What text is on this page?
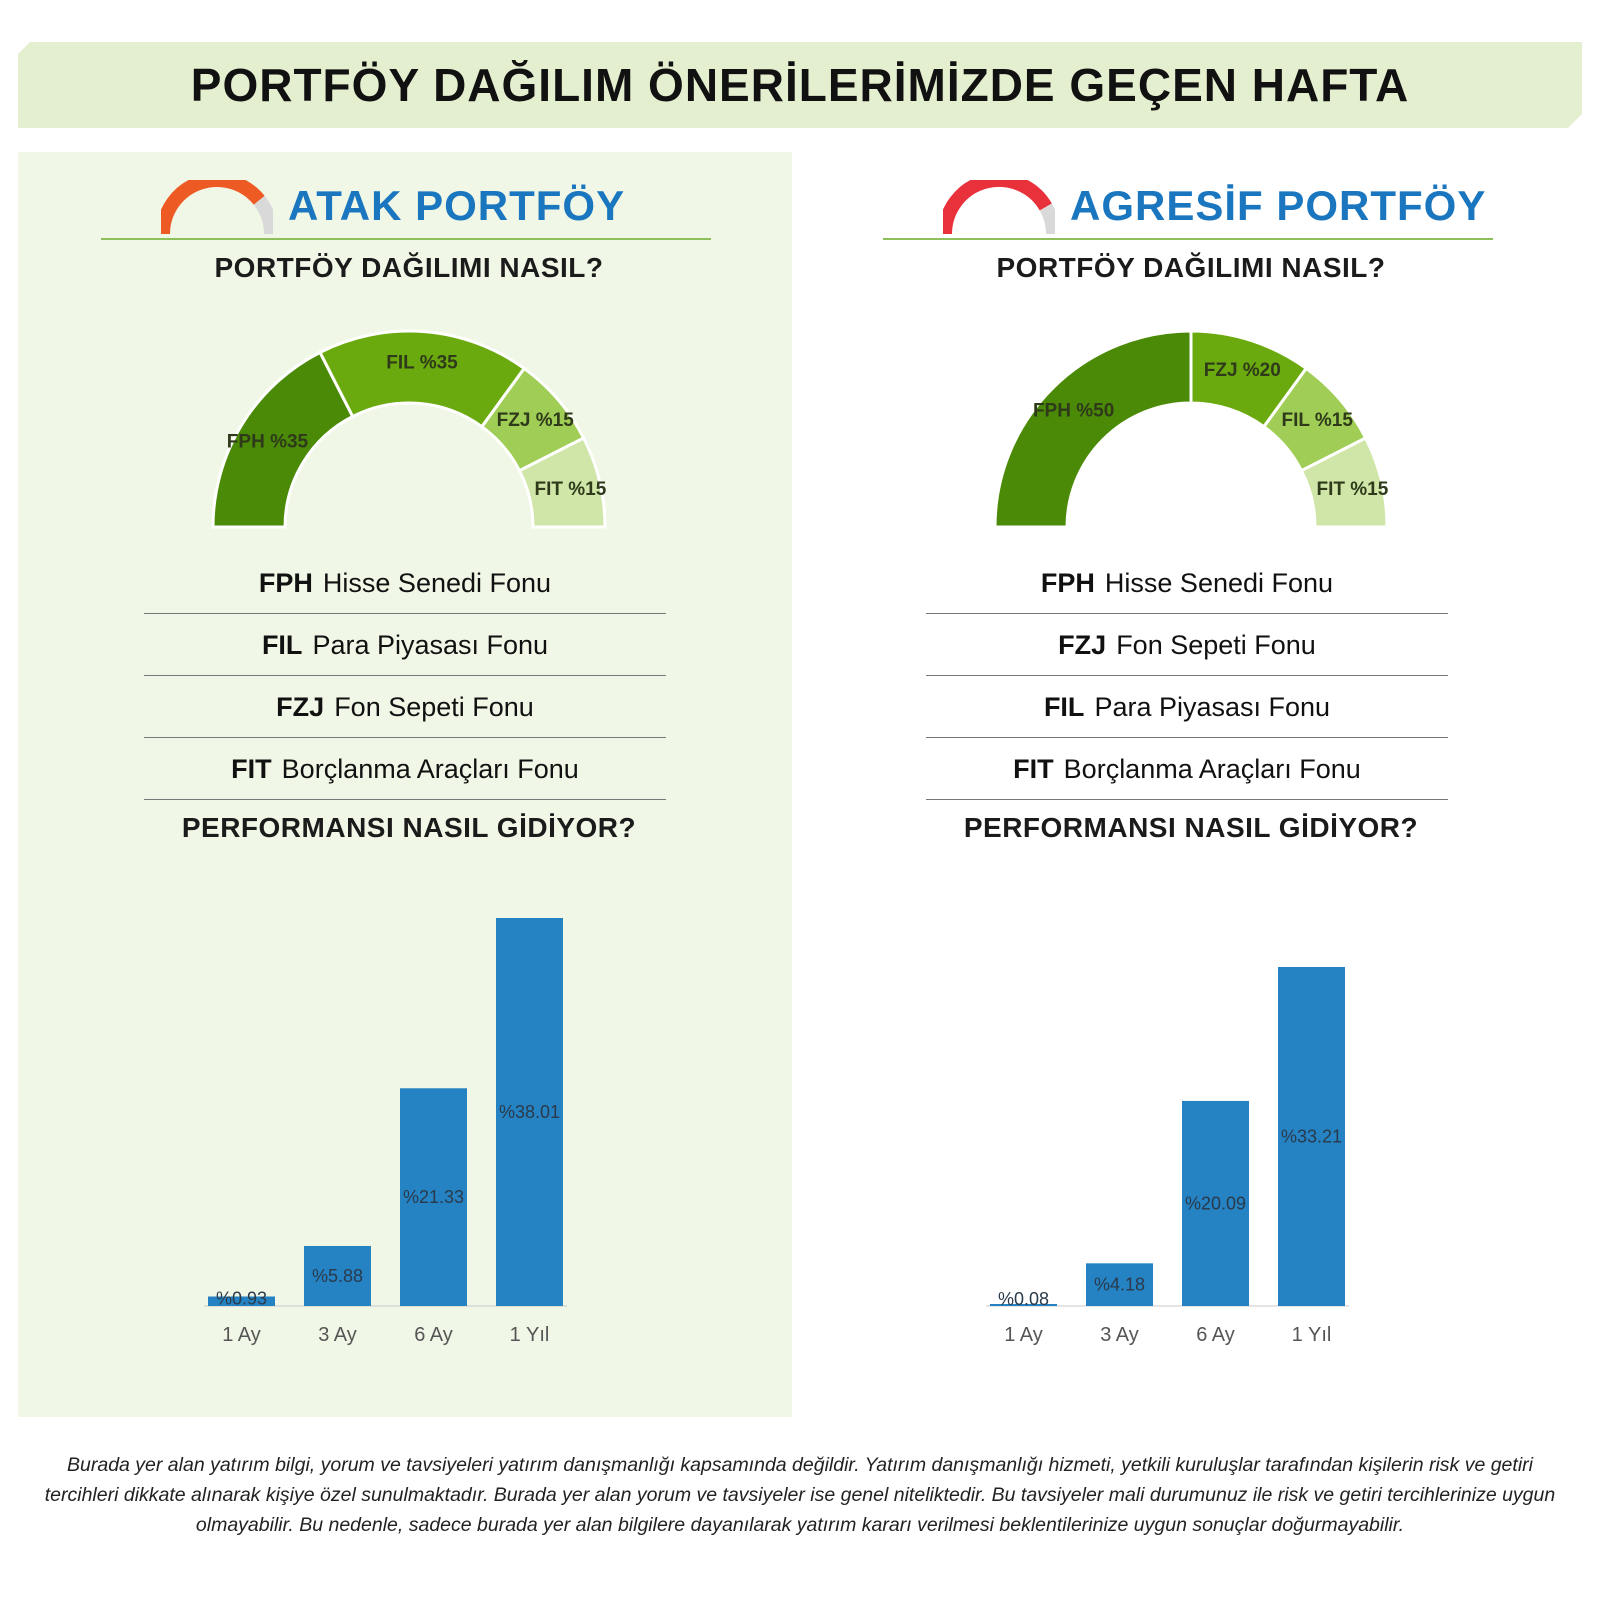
PORTFÖY DAĞILIM ÖNERİLERİMİZDE GEÇEN HAFTA
ATAK PORTFÖY
PORTFÖY DAĞILIMI NASIL?
FPH %35
FIL %35
FZJ %15
FIT %15
FPH Hisse Senedi Fonu
FIL Para Piyasası Fonu
FZJ Fon Sepeti Fonu
FIT Borçlanma Araçları Fonu
PERFORMANSI NASIL GİDİYOR?
%0.93
1 Ay
%5.88
3 Ay
%21.33
6 Ay
%38.01
1 Yıl
AGRESİF PORTFÖY
PORTFÖY DAĞILIMI NASIL?
FPH %50
FZJ %20
FIL %15
FIT %15
FPH Hisse Senedi Fonu
FZJ Fon Sepeti Fonu
FIL Para Piyasası Fonu
FIT Borçlanma Araçları Fonu
PERFORMANSI NASIL GİDİYOR?
%0.08
1 Ay
%4.18
3 Ay
%20.09
6 Ay
%33.21
1 Yıl

Burada yer alan yatırım bilgi, yorum ve tavsiyeleri yatırım danışmanlığı kapsamında değildir. Yatırım danışmanlığı hizmeti, yetkili kuruluşlar tarafından kişilerin risk ve getiri tercihleri dikkate alınarak kişiye özel sunulmaktadır. Burada yer alan yorum ve tavsiyeler ise genel niteliktedir. Bu tavsiyeler mali durumunuz ile risk ve getiri tercihlerinize uygun olmayabilir. Bu nedenle, sadece burada yer alan bilgilere dayanılarak yatırım kararı verilmesi beklentilerinize uygun sonuçlar doğurmayabilir.
